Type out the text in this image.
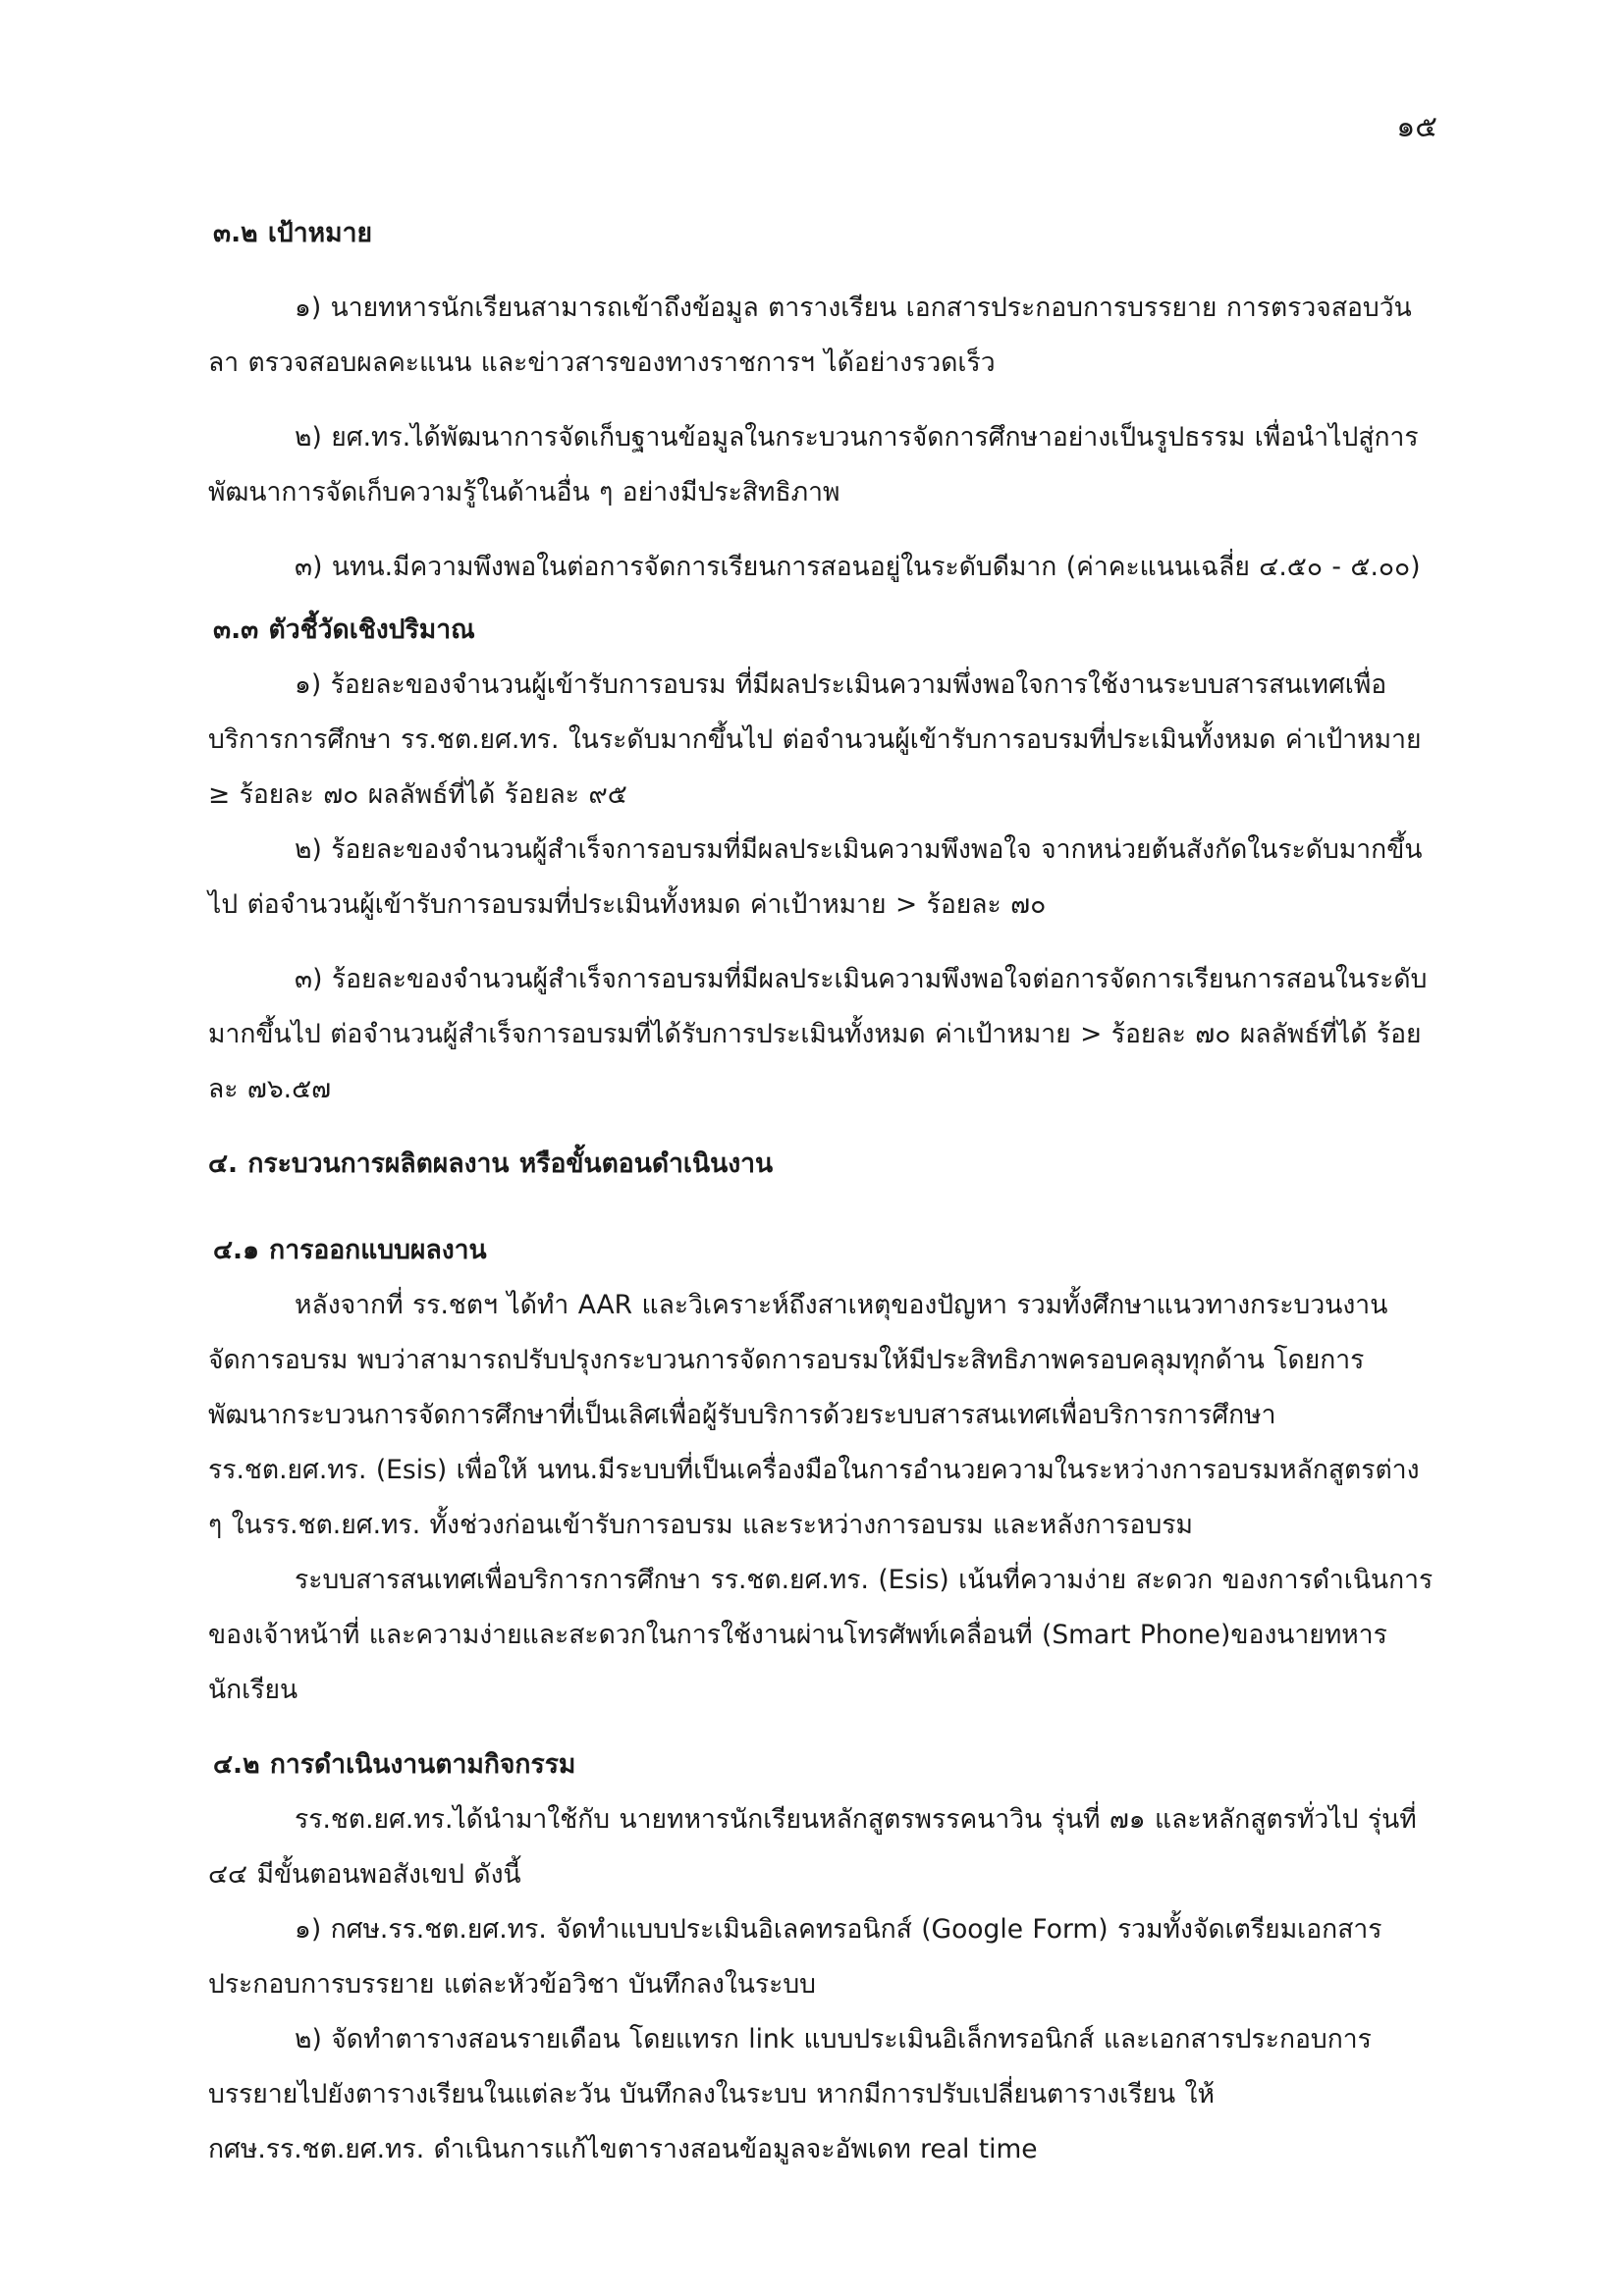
๑๕

๓.๒ เป้าหมาย

๑) นายทหารนักเรียนสามารถเข้าถึงข้อมูล ตารางเรียน เอกสารประกอบการบรรยาย การตรวจสอบวันลา ตรวจสอบผลคะแนน และข่าวสารของทางราชการฯ ได้อย่างรวดเร็ว

๒) ยศ.ทร.ได้พัฒนาการจัดเก็บฐานข้อมูลในกระบวนการจัดการศึกษาอย่างเป็นรูปธรรม เพื่อนำไปสู่การพัฒนาการจัดเก็บความรู้ในด้านอื่น ๆ อย่างมีประสิทธิภาพ

๓) นทน.มีความพึงพอในต่อการจัดการเรียนการสอนอยู่ในระดับดีมาก (ค่าคะแนนเฉลี่ย ๔.๕๐ - ๕.๐๐)

๓.๓ ตัวชี้วัดเชิงปริมาณ

๑) ร้อยละของจำนวนผู้เข้ารับการอบรม ที่มีผลประเมินความพึ่งพอใจการใช้งานระบบสารสนเทศเพื่อบริการการศึกษา รร.ชต.ยศ.ทร. ในระดับมากขึ้นไป ต่อจำนวนผู้เข้ารับการอบรมที่ประเมินทั้งหมด ค่าเป้าหมาย ≥ ร้อยละ ๗๐ ผลลัพธ์ที่ได้ ร้อยละ ๙๕

๒) ร้อยละของจำนวนผู้สำเร็จการอบรมที่มีผลประเมินความพึงพอใจ จากหน่วยต้นสังกัดในระดับมากขึ้นไป ต่อจำนวนผู้เข้ารับการอบรมที่ประเมินทั้งหมด ค่าเป้าหมาย > ร้อยละ ๗๐

๓) ร้อยละของจำนวนผู้สำเร็จการอบรมที่มีผลประเมินความพึงพอใจต่อการจัดการเรียนการสอนในระดับมากขึ้นไป ต่อจำนวนผู้สำเร็จการอบรมที่ได้รับการประเมินทั้งหมด ค่าเป้าหมาย > ร้อยละ ๗๐ ผลลัพธ์ที่ได้ ร้อยละ ๗๖.๕๗

๔. กระบวนการผลิตผลงาน หรือขั้นตอนดำเนินงาน

๔.๑ การออกแบบผลงาน

หลังจากที่ รร.ชตฯ ได้ทำ AAR และวิเคราะห์ถึงสาเหตุของปัญหา รวมทั้งศึกษาแนวทางกระบวนงานจัดการอบรม พบว่าสามารถปรับปรุงกระบวนการจัดการอบรมให้มีประสิทธิภาพครอบคลุมทุกด้าน โดยการพัฒนากระบวนการจัดการศึกษาที่เป็นเลิศเพื่อผู้รับบริการด้วยระบบสารสนเทศเพื่อบริการการศึกษา รร.ชต.ยศ.ทร. (Esis) เพื่อให้ นทน.มีระบบที่เป็นเครื่องมือในการอำนวยความในระหว่างการอบรมหลักสูตรต่าง ๆ ในรร.ชต.ยศ.ทร. ทั้งช่วงก่อนเข้ารับการอบรม และระหว่างการอบรม และหลังการอบรม

ระบบสารสนเทศเพื่อบริการการศึกษา รร.ชต.ยศ.ทร. (Esis) เน้นที่ความง่าย สะดวก ของการดำเนินการของเจ้าหน้าที่ และความง่ายและสะดวกในการใช้งานผ่านโทรศัพท์เคลื่อนที่ (Smart Phone)ของนายทหารนักเรียน

๔.๒ การดำเนินงานตามกิจกรรม

รร.ชต.ยศ.ทร.ได้นำมาใช้กับ นายทหารนักเรียนหลักสูตรพรรคนาวิน รุ่นที่ ๗๑ และหลักสูตรทั่วไป รุ่นที่ ๔๔ มีขั้นตอนพอสังเขป ดังนี้

๑) กศษ.รร.ชต.ยศ.ทร. จัดทำแบบประเมินอิเลคทรอนิกส์ (Google Form) รวมทั้งจัดเตรียมเอกสารประกอบการบรรยาย แต่ละหัวข้อวิชา บันทึกลงในระบบ

๒) จัดทำตารางสอนรายเดือน โดยแทรก link แบบประเมินอิเล็กทรอนิกส์ และเอกสารประกอบการบรรยายไปยังตารางเรียนในแต่ละวัน บันทึกลงในระบบ หากมีการปรับเปลี่ยนตารางเรียน ให้ กศษ.รร.ชต.ยศ.ทร. ดำเนินการแก้ไขตารางสอนข้อมูลจะอัพเดท real time
